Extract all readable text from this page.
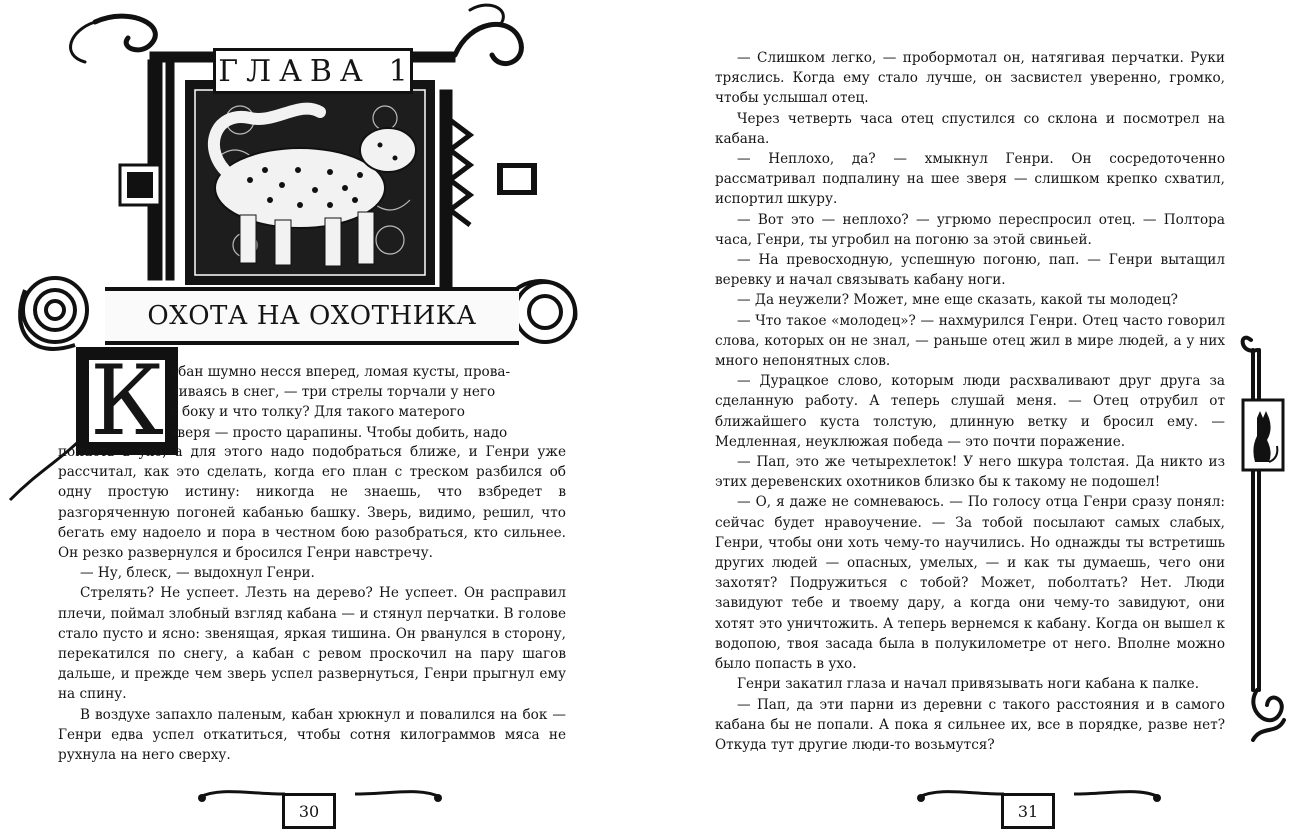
ГЛАВА 1
ОХОТА НА ОХОТНИКА
К абан шумно несся вперед, ломая кусты, прова-

ливаясь в снег, — три стрелы торчали у него

в боку и что толку? Для такого матерого

зверя — просто царапины. Чтобы добить, надо

попасть в ухо, а для этого надо подобраться ближе, и Генри уже рассчитал, как это сделать, когда его план с треском разбился об одну простую истину: никогда не знаешь, что взбредет в разгоряченную погоней кабанью башку. Зверь, видимо, решил, что бегать ему надоело и пора в честном бою разобраться, кто сильнее. Он резко развернулся и бросился Генри навстречу.

— Ну, блеск, — выдохнул Генри.

Стрелять? Не успеет. Лезть на дерево? Не успеет. Он расправил плечи, поймал злобный взгляд кабана — и стянул перчатки. В голове стало пусто и ясно: звенящая, яркая тишина. Он рванулся в сторону, перекатился по снегу, а кабан с ревом проскочил на пару шагов дальше, и прежде чем зверь успел развернуться, Генри прыгнул ему на спину.

В воздухе запахло паленым, кабан хрюкнул и повалился на бок — Генри едва успел откатиться, чтобы сотня килограммов мяса не рухнула на него сверху.

30

— Слишком легко, — пробормотал он, натягивая перчатки. Руки тряслись. Когда ему стало лучше, он засвистел уверенно, громко, чтобы услышал отец.

Через четверть часа отец спустился со склона и посмотрел на кабана.

— Неплохо, да? — хмыкнул Генри. Он сосредоточенно рассматривал подпалину на шее зверя — слишком крепко схватил, испортил шкуру.

— Вот это — неплохо? — угрюмо переспросил отец. — Полтора часа, Генри, ты угробил на погоню за этой свиньей.

— На превосходную, успешную погоню, пап. — Генри вытащил веревку и начал связывать кабану ноги.

— Да неужели? Может, мне еще сказать, какой ты молодец?

— Что такое «молодец»? — нахмурился Генри. Отец часто говорил слова, которых он не знал, — раньше отец жил в мире людей, а у них много непонятных слов.

— Дурацкое слово, которым люди расхваливают друг друга за сделанную работу. А теперь слушай меня. — Отец отрубил от ближайшего куста толстую, длинную ветку и бросил ему. — Медленная, неуклюжая победа — это почти поражение.

— Пап, это же четырехлеток! У него шкура толстая. Да никто из этих деревенских охотников близко бы к такому не подошел!

— О, я даже не сомневаюсь. — По голосу отца Генри сразу понял: сейчас будет нравоучение. — За тобой посылают самых слабых, Генри, чтобы они хоть чему-то научились. Но однажды ты встретишь других людей — опасных, умелых, — и как ты думаешь, чего они захотят? Подружиться с тобой? Может, поболтать? Нет. Люди завидуют тебе и твоему дару, а когда они чему-то завидуют, они хотят это уничтожить. А теперь вернемся к кабану. Когда он вышел к водопою, твоя засада была в полукилометре от него. Вполне можно было попасть в ухо.

Генри закатил глаза и начал привязывать ноги кабана к палке.

— Пап, да эти парни из деревни с такого расстояния и в самого кабана бы не попали. А пока я сильнее их, все в порядке, разве нет? Откуда тут другие люди-то возьмутся?

31
